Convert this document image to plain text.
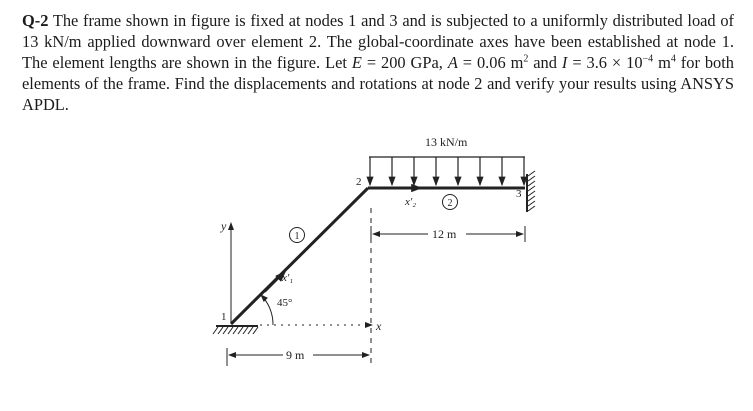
Q-2 The frame shown in figure is fixed at nodes 1 and 3 and is subjected to a uniformly distributed load of 13 kN/m applied downward over element 2. The global-coordinate axes have been established at node 1. The element lengths are shown in the figure. Let E = 200 GPa, A = 0.06 $m^2$ and $I = 3.6 \times 10^{-4}$ $m^4$ for both elements of the frame. Find the displacements and rotations at node 2 and verify your results using ANSYS APDL.

13 kN/m
1
2
3
1
2
y
x
x′₁
x′₂
45°
9 m
12 m
